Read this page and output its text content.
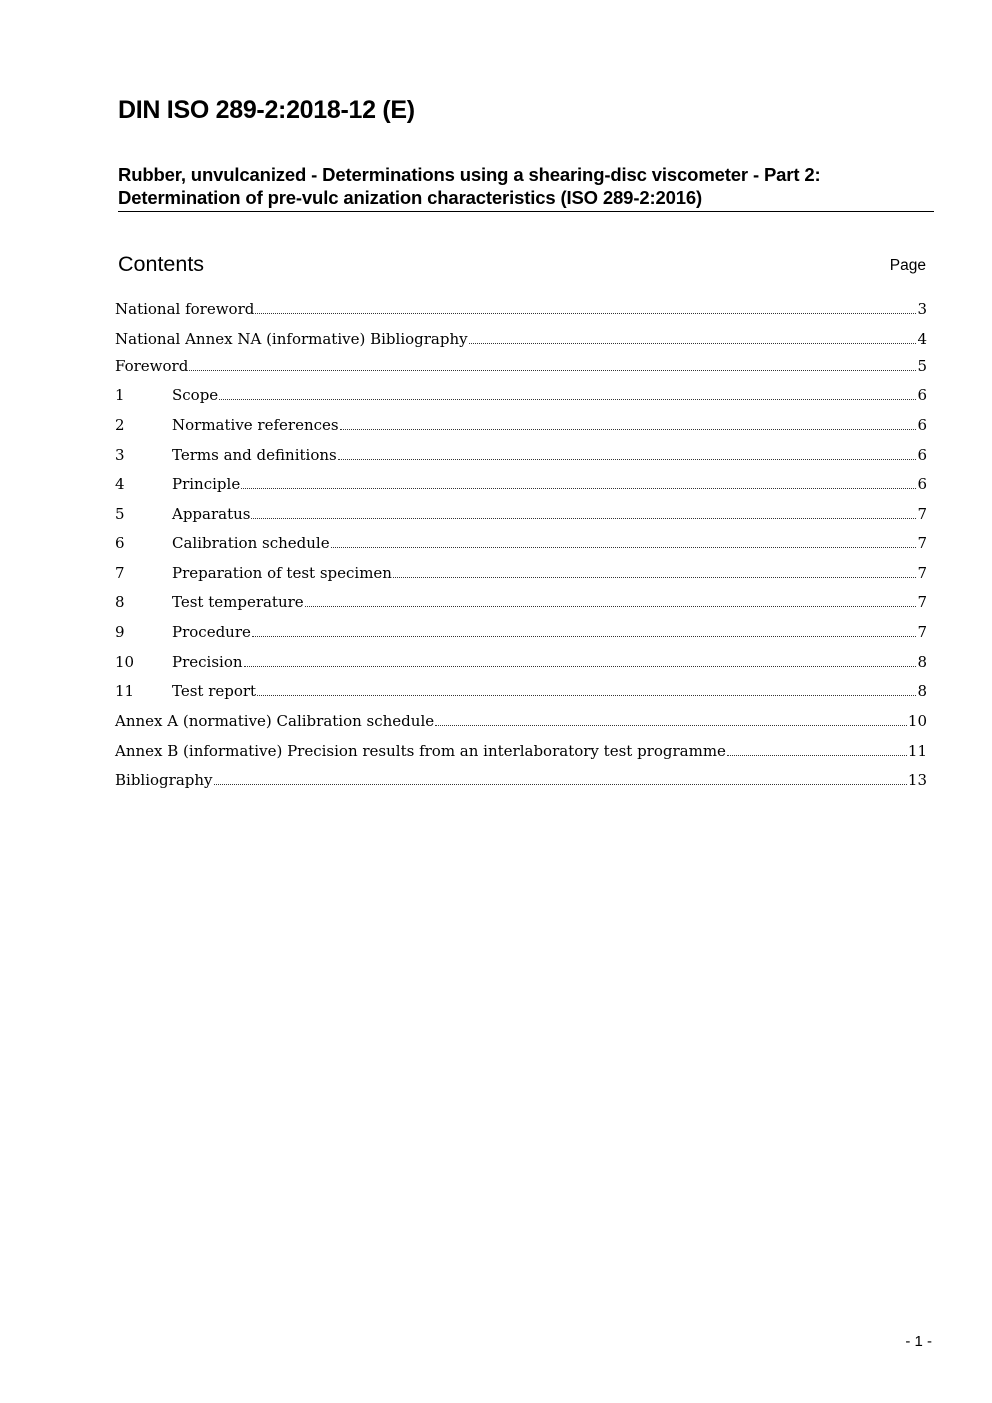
DIN ISO 289-2:2018-12 (E)
Rubber, unvulcanized - Determinations using a shearing-disc viscometer - Part 2:
Determination of pre-vulc anization characteristics (ISO 289-2:2016)
Contents	Page
National foreword	3
National Annex NA (informative) Bibliography	4
Foreword	5
1	Scope	6
2	Normative references	6
3	Terms and definitions	6
4	Principle	6
5	Apparatus	7
6	Calibration schedule	7
7	Preparation of test specimen	7
8	Test temperature	7
9	Procedure	7
10	Precision	8
11	Test report	8
Annex A (normative) Calibration schedule	10
Annex B (informative) Precision results from an interlaboratory test programme	11
Bibliography	13
- 1 -
